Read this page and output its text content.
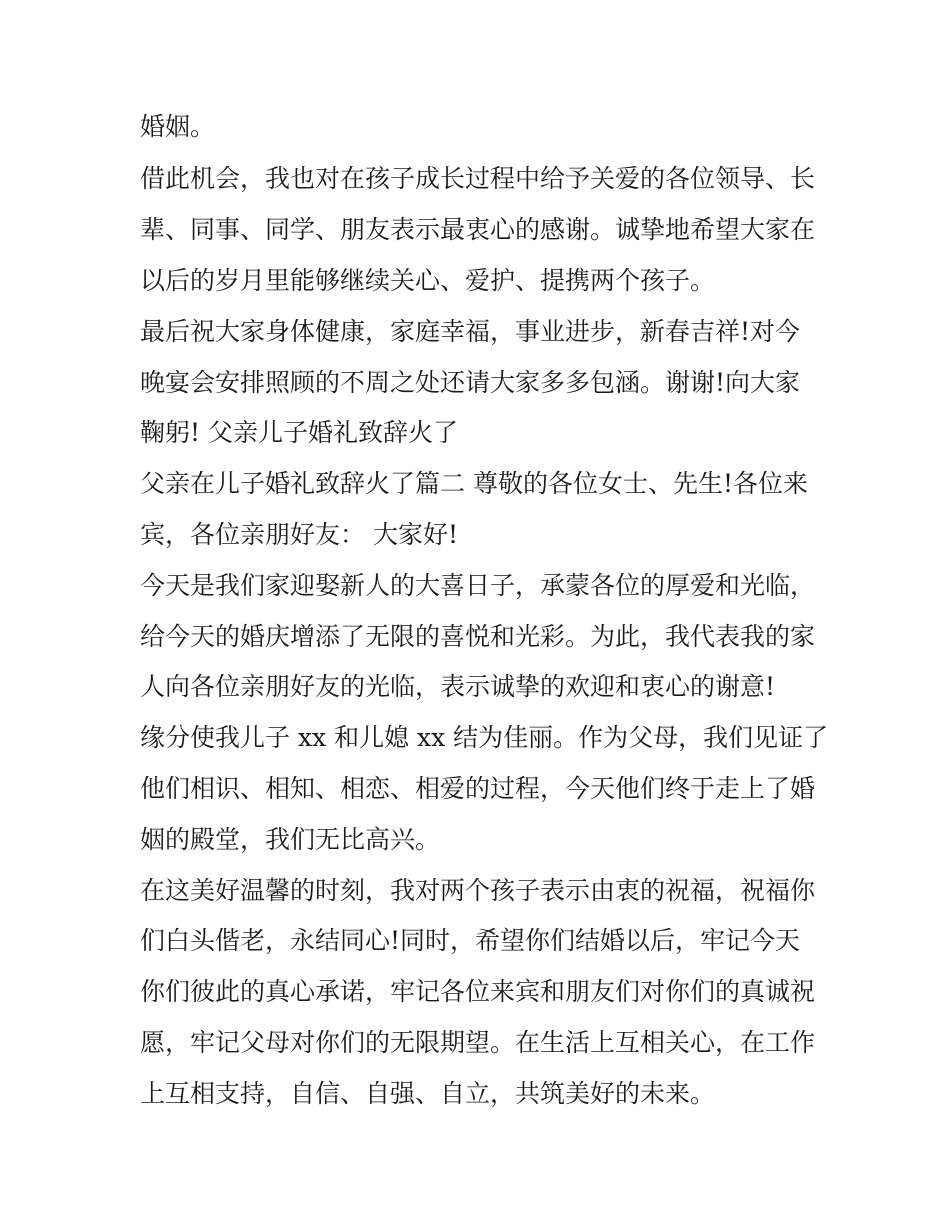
婚姻。
借此机会，我也对在孩子成长过程中给予关爱的各位领导、长
辈、同事、同学、朋友表示最衷心的感谢。诚挚地希望大家在
以后的岁月里能够继续关心、爱护、提携两个孩子。
最后祝大家身体健康，家庭幸福，事业进步，新春吉祥!对今
晚宴会安排照顾的不周之处还请大家多多包涵。谢谢!向大家
鞠躬! 父亲儿子婚礼致辞火了
父亲在儿子婚礼致辞火了篇二 尊敬的各位女士、先生!各位来
宾，各位亲朋好友： 大家好!
今天是我们家迎娶新人的大喜日子，承蒙各位的厚爱和光临，
给今天的婚庆增添了无限的喜悦和光彩。为此，我代表我的家
人向各位亲朋好友的光临，表示诚挚的欢迎和衷心的谢意!
缘分使我儿子 xx 和儿媳 xx 结为佳丽。作为父母，我们见证了
他们相识、相知、相恋、相爱的过程，今天他们终于走上了婚
姻的殿堂，我们无比高兴。
在这美好温馨的时刻，我对两个孩子表示由衷的祝福，祝福你
们白头偕老，永结同心!同时，希望你们结婚以后，牢记今天
你们彼此的真心承诺，牢记各位来宾和朋友们对你们的真诚祝
愿，牢记父母对你们的无限期望。在生活上互相关心，在工作
上互相支持，自信、自强、自立，共筑美好的未来。
